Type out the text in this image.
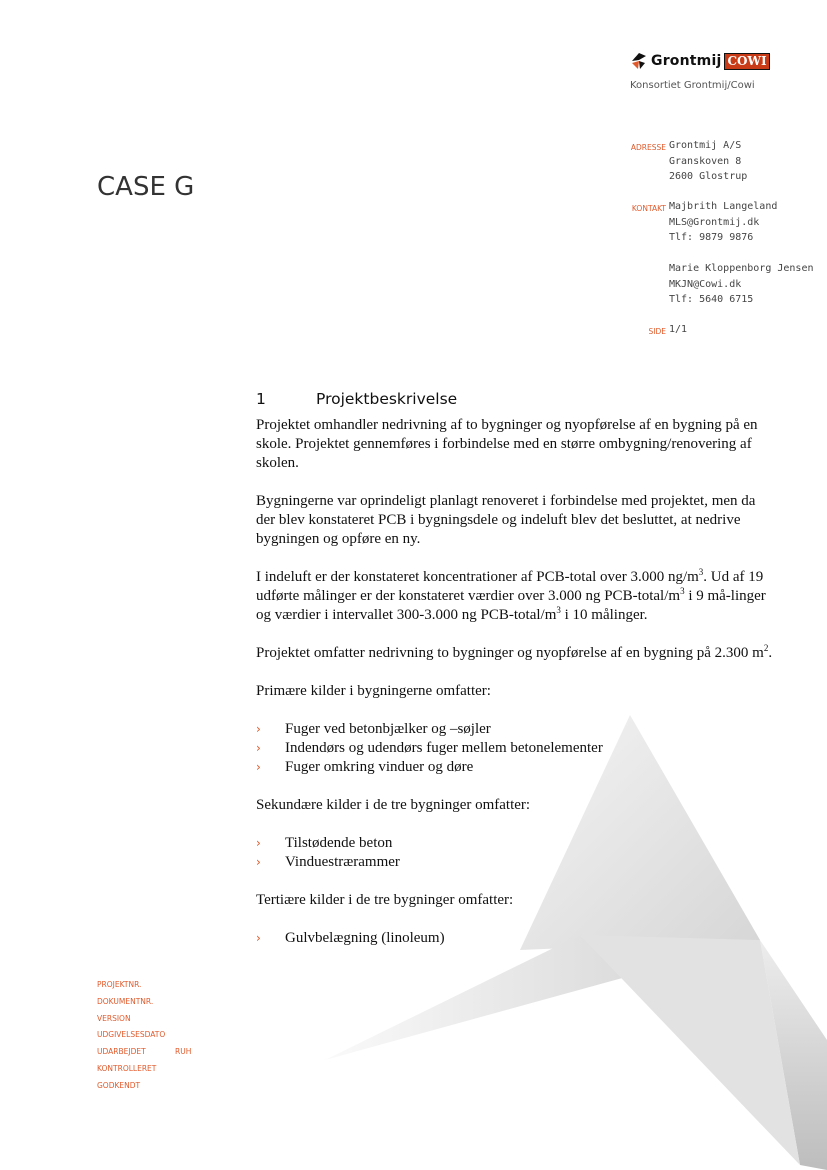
Grontmij COWI
Konsortiet Grontmij/Cowi
CASE G
ADRESSE Grontmij A/S
Granskoven 8
2600 Glostrup
KONTAKT Majbrith Langeland
MLS@Grontmij.dk
Tlf: 9879 9876
Marie Kloppenborg Jensen
MKJN@Cowi.dk
Tlf: 5640 6715
SIDE 1/1
1	Projektbeskrivelse

Projektet omhandler nedrivning af to bygninger og nyopførelse af en bygning på en skole. Projektet gennemføres i forbindelse med en større ombygning/renovering af skolen.

Bygningerne var oprindeligt planlagt renoveret i forbindelse med projektet, men da der blev konstateret PCB i bygningsdele og indeluft blev det besluttet, at nedrive bygningen og opføre en ny.

I indeluft er der konstateret koncentrationer af PCB-total over 3.000 $ng/m^3$. Ud af 19 udførte målinger er der konstateret værdier over 3.000 ng PCB-$total/m^3$ i 9 må-linger og værdier i intervallet 300-3.000 ng PCB-$total/m^3$ i 10 målinger.

Projektet omfatter nedrivning to bygninger og nyopførelse af en bygning på 2.300 $m^2$.

Primære kilder i bygningerne omfatter:

› Fuger ved betonbjælker og –søjler
› Indendørs og udendørs fuger mellem betonelementer
› Fuger omkring vinduer og døre

Sekundære kilder i de tre bygninger omfatter:

› Tilstødende beton
› Vinduestrærammer

Tertiære kilder i de tre bygninger omfatter:

› Gulvbelægning (linoleum)
PROJEKTNR.
DOKUMENTNR.
VERSION
UDGIVELSESDATO
UDARBEJDET	RUH
KONTROLLERET
GODKENDT
